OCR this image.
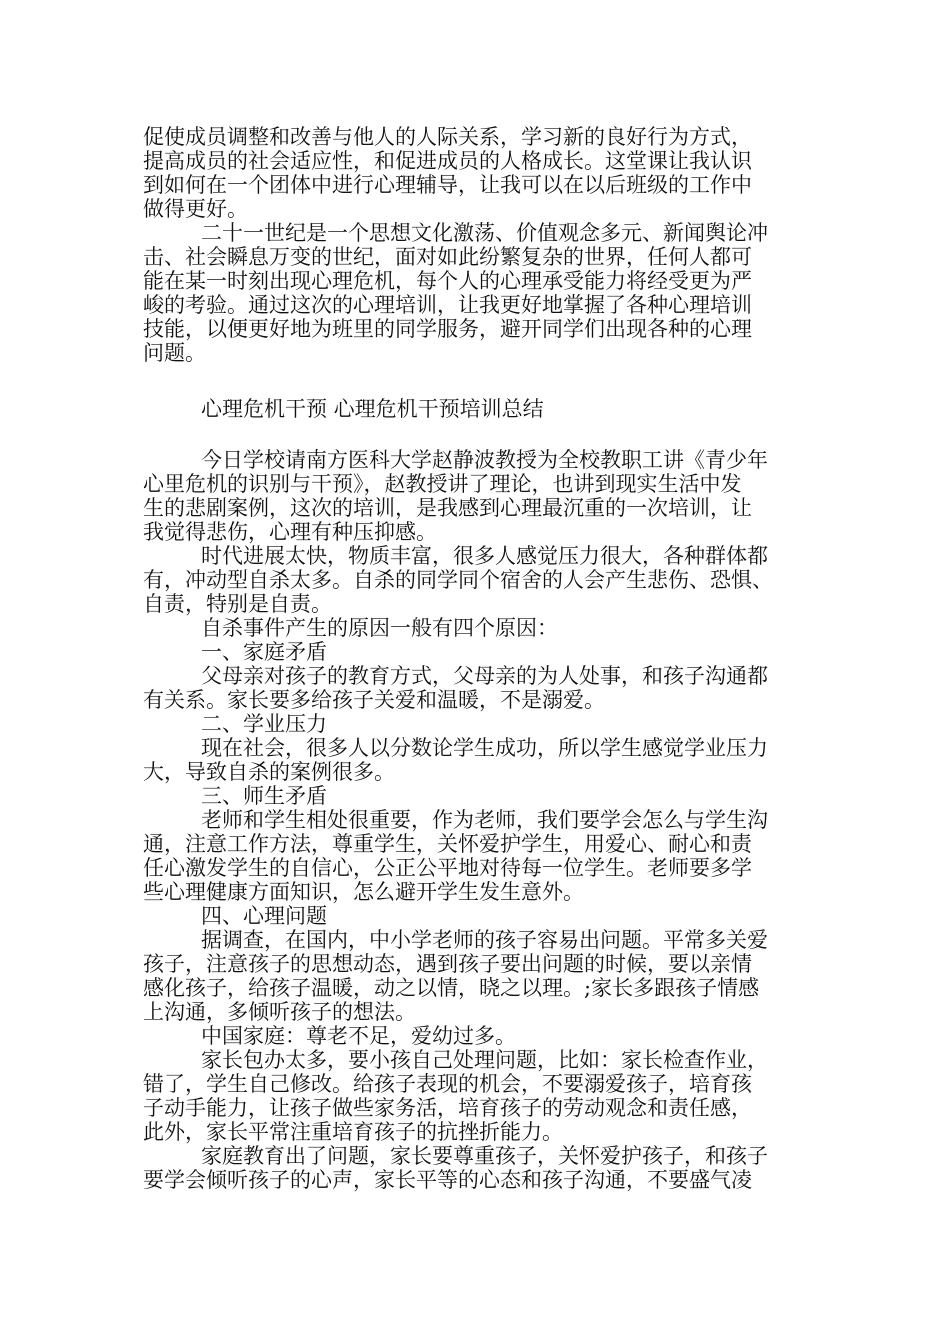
促使成员调整和改善与他人的人际关系，学习新的良好行为方式，
提高成员的社会适应性，和促进成员的人格成长。这堂课让我认识
到如何在一个团体中进行心理辅导，让我可以在以后班级的工作中
做得更好。
二十一世纪是一个思想文化激荡、价值观念多元、新闻舆论冲
击、社会瞬息万变的世纪，面对如此纷繁复杂的世界，任何人都可
能在某一时刻出现心理危机，每个人的心理承受能力将经受更为严
峻的考验。通过这次的心理培训，让我更好地掌握了各种心理培训
技能，以便更好地为班里的同学服务，避开同学们出现各种的心理
问题。
心理危机干预 心理危机干预培训总结
今日学校请南方医科大学赵静波教授为全校教职工讲《青少年
心里危机的识别与干预》，赵教授讲了理论，也讲到现实生活中发
生的悲剧案例，这次的培训，是我感到心理最沉重的一次培训，让
我觉得悲伤，心理有种压抑感。
时代进展太快，物质丰富，很多人感觉压力很大，各种群体都
有，冲动型自杀太多。自杀的同学同个宿舍的人会产生悲伤、恐惧、
自责，特别是自责。
自杀事件产生的原因一般有四个原因：
一、家庭矛盾
父母亲对孩子的教育方式，父母亲的为人处事，和孩子沟通都
有关系。家长要多给孩子关爱和温暖，不是溺爱。
二、学业压力
现在社会，很多人以分数论学生成功，所以学生感觉学业压力
大，导致自杀的案例很多。
三、师生矛盾
老师和学生相处很重要，作为老师，我们要学会怎么与学生沟
通，注意工作方法，尊重学生，关怀爱护学生，用爱心、耐心和责
任心激发学生的自信心，公正公平地对待每一位学生。老师要多学
些心理健康方面知识，怎么避开学生发生意外。
四、心理问题
据调查，在国内，中小学老师的孩子容易出问题。平常多关爱
孩子，注意孩子的思想动态，遇到孩子要出问题的时候，要以亲情
感化孩子，给孩子温暖，动之以情，晓之以理。;家长多跟孩子情感
上沟通，多倾听孩子的想法。
中国家庭：尊老不足，爱幼过多。
家长包办太多，要小孩自己处理问题，比如：家长检查作业，
错了，学生自己修改。给孩子表现的机会，不要溺爱孩子，培育孩
子动手能力，让孩子做些家务活，培育孩子的劳动观念和责任感，
此外，家长平常注重培育孩子的抗挫折能力。
家庭教育出了问题，家长要尊重孩子，关怀爱护孩子，和孩子
要学会倾听孩子的心声，家长平等的心态和孩子沟通，不要盛气凌
